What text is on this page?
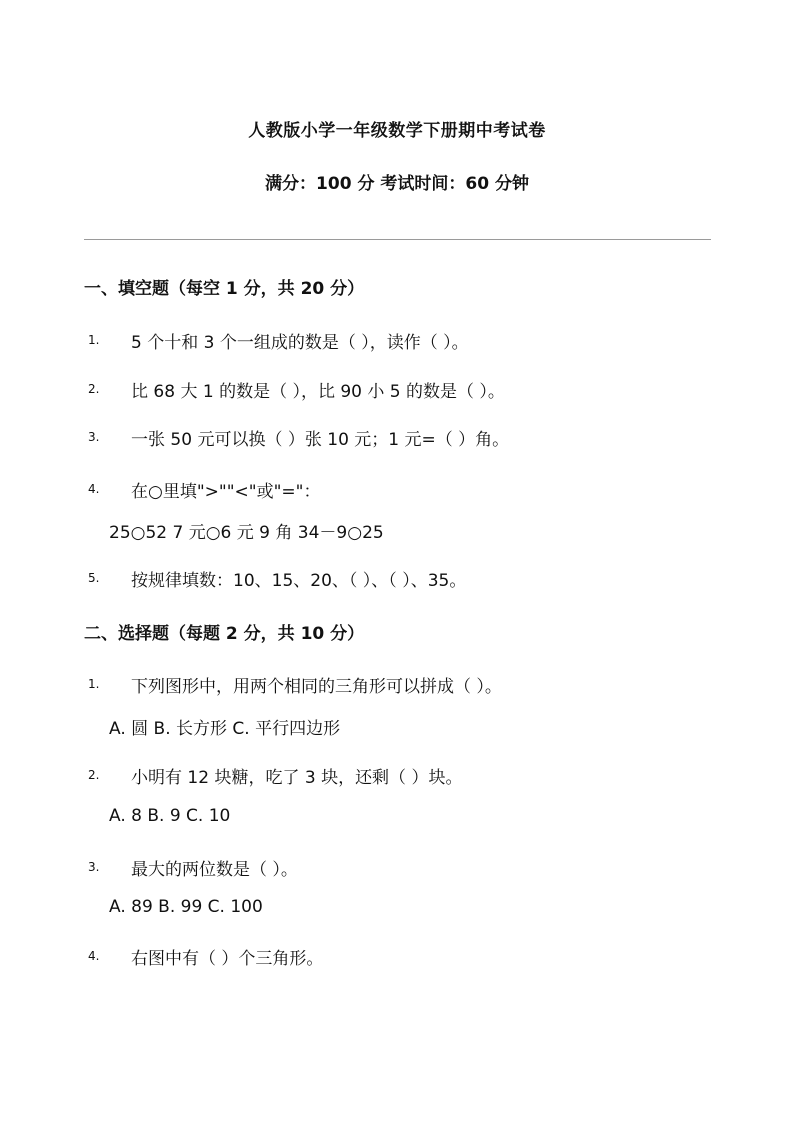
人教版小学一年级数学下册期中考试卷
满分：100 分 考试时间：60 分钟
一、填空题（每空 1 分，共 20 分）
1. 5 个十和 3 个一组成的数是（ ），读作（ ）。
2. 比 68 大 1 的数是（ ），比 90 小 5 的数是（ ）。
3. 一张 50 元可以换（ ）张 10 元；1 元=（ ）角。
4. 在○里填">""<"或"="：
25○52 7 元○6 元 9 角 34－9○25
5. 按规律填数：10、15、20、（ ）、（ ）、35。
二、选择题（每题 2 分，共 10 分）
1. 下列图形中，用两个相同的三角形可以拼成（ ）。
A. 圆 B. 长方形 C. 平行四边形
2. 小明有 12 块糖，吃了 3 块，还剩（ ）块。
A. 8 B. 9 C. 10
3. 最大的两位数是（ ）。
A. 89 B. 99 C. 100
4. 右图中有（ ）个三角形。
